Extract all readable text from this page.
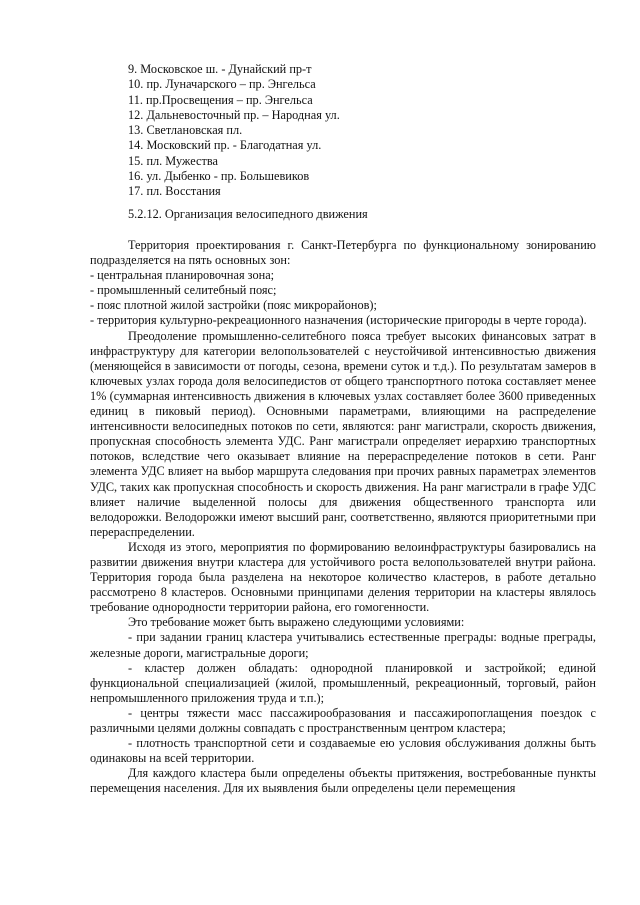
9. Московское ш. - Дунайский пр-т
10. пр. Луначарского – пр. Энгельса
11. пр.Просвещения – пр. Энгельса
12. Дальневосточный пр. – Народная ул.
13. Светлановская пл.
14. Московский пр. - Благодатная ул.
15. пл. Мужества
16. ул. Дыбенко - пр. Большевиков
17. пл. Восстания
5.2.12. Организация велосипедного движения

Территория проектирования г. Санкт-Петербурга по функциональному зонированию подразделяется на пять основных зон:

- центральная планировочная зона;

- промышленный селитебный пояс;

- пояс плотной жилой застройки (пояс микрорайонов);

- территория культурно-рекреационного назначения (исторические пригороды в черте города).

Преодоление промышленно-селитебного пояса требует высоких финансовых затрат в инфраструктуру для категории велопользователей с неустойчивой интенсивностью движения (меняющейся в зависимости от погоды, сезона, времени суток и т.д.). По результатам замеров в ключевых узлах города доля велосипедистов от общего транспортного потока составляет менее 1% (суммарная интенсивность движения в ключевых узлах составляет более 3600 приведенных единиц в пиковый период). Основными параметрами, влияющими на распределение интенсивности велосипедных потоков по сети, являются: ранг магистрали, скорость движения, пропускная способность элемента УДС. Ранг магистрали определяет иерархию транспортных потоков, вследствие чего оказывает влияние на перераспределение потоков в сети. Ранг элемента УДС влияет на выбор маршрута следования при прочих равных параметрах элементов УДС, таких как пропускная способность и скорость движения. На ранг магистрали в графе УДС влияет наличие выделенной полосы для движения общественного транспорта или велодорожки. Велодорожки имеют высший ранг, соответственно, являются приоритетными при перераспределении.

Исходя из этого, мероприятия по формированию велоинфраструктуры базировались на развитии движения внутри кластера для устойчивого роста велопользователей внутри района. Территория города была разделена на некоторое количество кластеров, в работе детально рассмотрено 8 кластеров. Основными принципами деления территории на кластеры являлось требование однородности территории района, его гомогенности.

Это требование может быть выражено следующими условиями:

- при задании границ кластера учитывались естественные преграды: водные преграды, железные дороги, магистральные дороги;

- кластер должен обладать: однородной планировкой и застройкой; единой функциональной специализацией (жилой, промышленный, рекреационный, торговый, район непромышленного приложения труда и т.п.);

- центры тяжести масс пассажирообразования и пассажиропоглащения поездок с различными целями должны совпадать с пространственным центром кластера;

- плотность транспортной сети и создаваемые ею условия обслуживания должны быть одинаковы на всей территории.

Для каждого кластера были определены объекты притяжения, востребованные пункты перемещения населения. Для их выявления были определены цели перемещения
